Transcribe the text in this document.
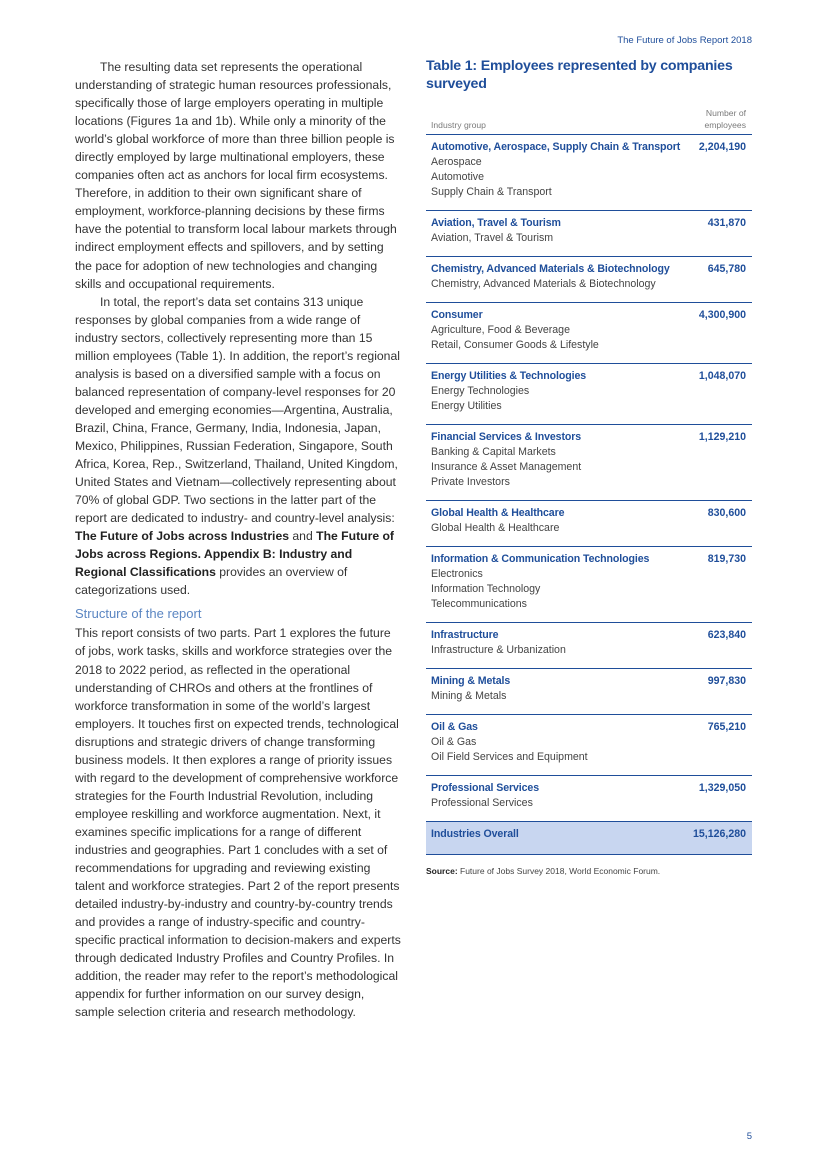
The Future of Jobs Report 2018

The resulting data set represents the operational understanding of strategic human resources professionals, specifically those of large employers operating in multiple locations (Figures 1a and 1b). While only a minority of the world’s global workforce of more than three billion people is directly employed by large multinational employers, these companies often act as anchors for local firm ecosystems. Therefore, in addition to their own significant share of employment, workforce-planning decisions by these firms have the potential to transform local labour markets through indirect employment effects and spillovers, and by setting the pace for adoption of new technologies and changing skills and occupational requirements.

In total, the report’s data set contains 313 unique responses by global companies from a wide range of industry sectors, collectively representing more than 15 million employees (Table 1). In addition, the report’s regional analysis is based on a diversified sample with a focus on balanced representation of company-level responses for 20 developed and emerging economies—Argentina, Australia, Brazil, China, France, Germany, India, Indonesia, Japan, Mexico, Philippines, Russian Federation, Singapore, South Africa, Korea, Rep., Switzerland, Thailand, United Kingdom, United States and Vietnam—collectively representing about 70% of global GDP. Two sections in the latter part of the report are dedicated to industry- and country-level analysis: The Future of Jobs across Industries and The Future of Jobs across Regions. Appendix B: Industry and Regional Classifications provides an overview of categorizations used.

Structure of the report

This report consists of two parts. Part 1 explores the future of jobs, work tasks, skills and workforce strategies over the 2018 to 2022 period, as reflected in the operational understanding of CHROs and others at the frontlines of workforce transformation in some of the world’s largest employers. It touches first on expected trends, technological disruptions and strategic drivers of change transforming business models. It then explores a range of priority issues with regard to the development of comprehensive workforce strategies for the Fourth Industrial Revolution, including employee reskilling and workforce augmentation. Next, it examines specific implications for a range of different industries and geographies. Part 1 concludes with a set of recommendations for upgrading and reviewing existing talent and workforce strategies. Part 2 of the report presents detailed industry-by-industry and country-by-country trends and provides a range of industry-specific and country-specific practical information to decision-makers and experts through dedicated Industry Profiles and Country Profiles. In addition, the reader may refer to the report’s methodological appendix for further information on our survey design, sample selection criteria and research methodology.

Table 1: Employees represented by companies surveyed
Industry group
Number of employees
Automotive, Aerospace, Supply Chain & Transport 2,204,190
Aerospace
Automotive
Supply Chain & Transport
Aviation, Travel & Tourism	431,870
Aviation, Travel & Tourism
Chemistry, Advanced Materials & Biotechnology	645,780
Chemistry, Advanced Materials & Biotechnology
Consumer	4,300,900
Agriculture, Food & Beverage
Retail, Consumer Goods & Lifestyle
Energy Utilities & Technologies	1,048,070
Energy Technologies
Energy Utilities
Financial Services & Investors	1,129,210
Banking & Capital Markets
Insurance & Asset Management
Private Investors
Global Health & Healthcare	830,600
Global Health & Healthcare
Information & Communication Technologies	819,730
Electronics
Information Technology
Telecommunications
Infrastructure	623,840
Infrastructure & Urbanization
Mining & Metals	997,830
Mining & Metals
Oil & Gas	765,210
Oil & Gas
Oil Field Services and Equipment
Professional Services	1,329,050
Professional Services
Industries Overall	15,126,280
Source: Future of Jobs Survey 2018, World Economic Forum.
5
